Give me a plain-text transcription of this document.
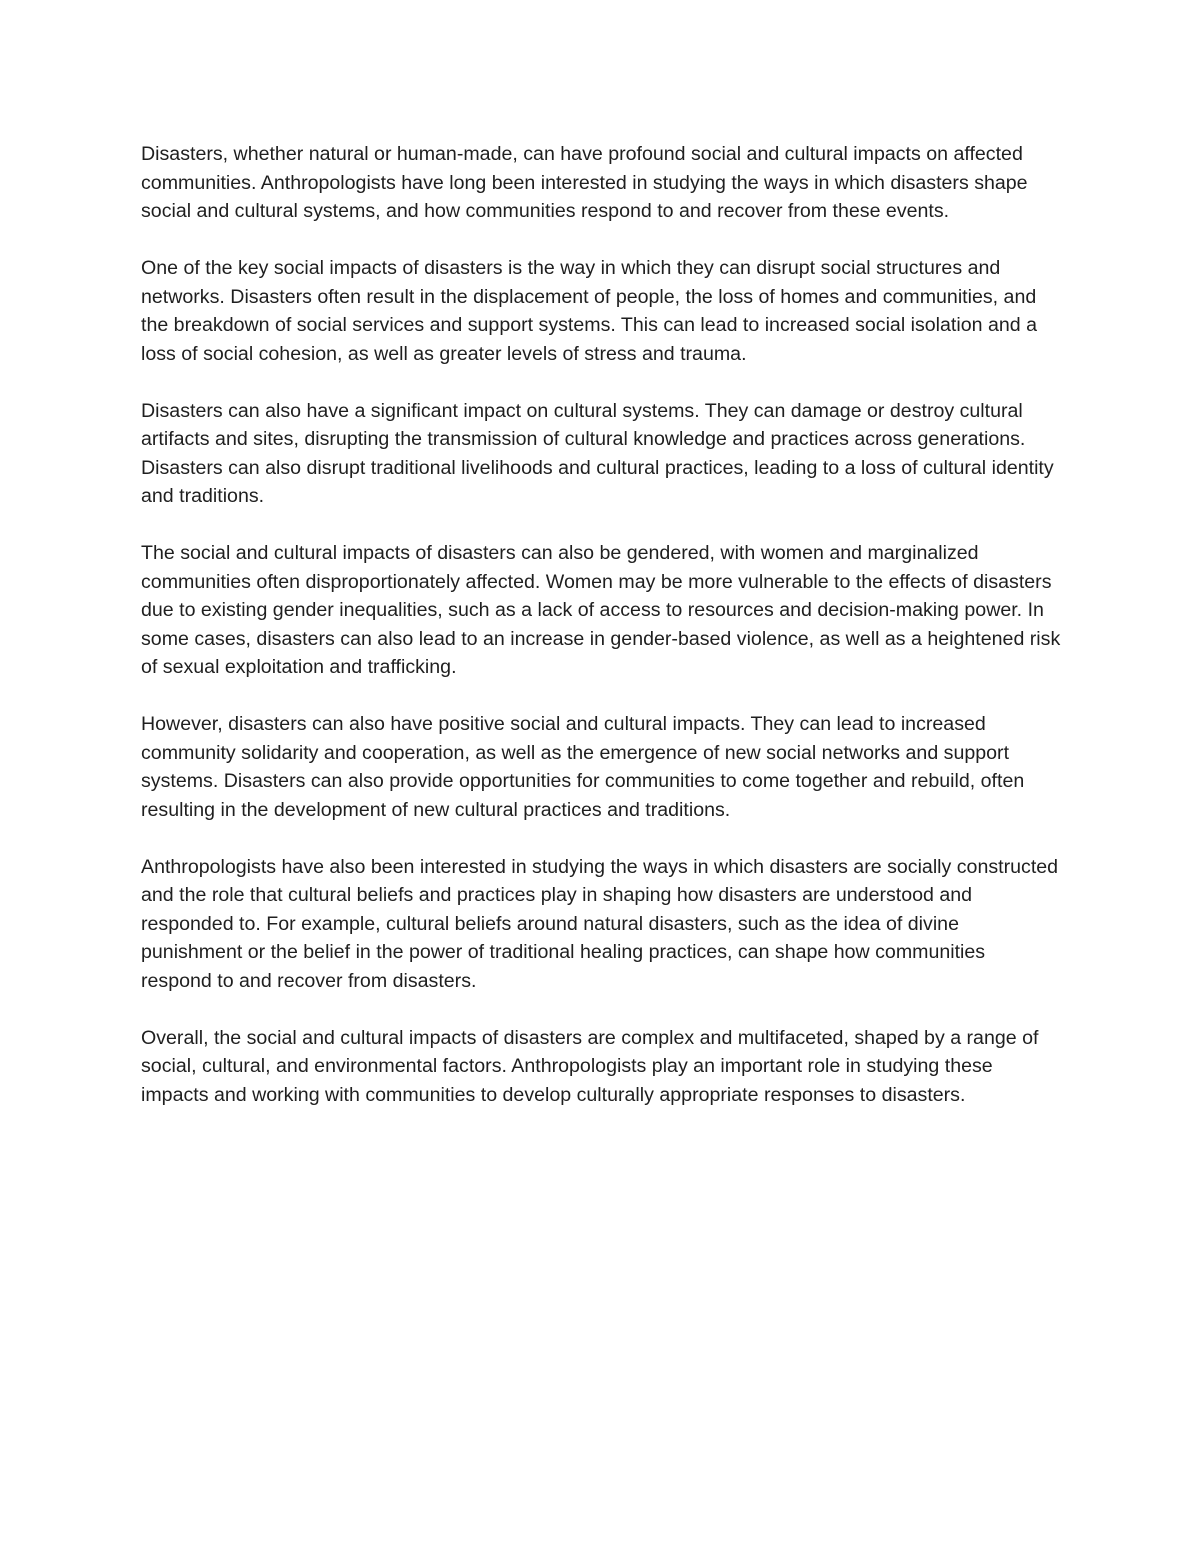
Disasters, whether natural or human-made, can have profound social and cultural impacts on affected communities. Anthropologists have long been interested in studying the ways in which disasters shape social and cultural systems, and how communities respond to and recover from these events.

One of the key social impacts of disasters is the way in which they can disrupt social structures and networks. Disasters often result in the displacement of people, the loss of homes and communities, and the breakdown of social services and support systems. This can lead to increased social isolation and a loss of social cohesion, as well as greater levels of stress and trauma.

Disasters can also have a significant impact on cultural systems. They can damage or destroy cultural artifacts and sites, disrupting the transmission of cultural knowledge and practices across generations. Disasters can also disrupt traditional livelihoods and cultural practices, leading to a loss of cultural identity and traditions.

The social and cultural impacts of disasters can also be gendered, with women and marginalized communities often disproportionately affected. Women may be more vulnerable to the effects of disasters due to existing gender inequalities, such as a lack of access to resources and decision-making power. In some cases, disasters can also lead to an increase in gender-based violence, as well as a heightened risk of sexual exploitation and trafficking.

However, disasters can also have positive social and cultural impacts. They can lead to increased community solidarity and cooperation, as well as the emergence of new social networks and support systems. Disasters can also provide opportunities for communities to come together and rebuild, often resulting in the development of new cultural practices and traditions.

Anthropologists have also been interested in studying the ways in which disasters are socially constructed and the role that cultural beliefs and practices play in shaping how disasters are understood and responded to. For example, cultural beliefs around natural disasters, such as the idea of divine punishment or the belief in the power of traditional healing practices, can shape how communities respond to and recover from disasters.

Overall, the social and cultural impacts of disasters are complex and multifaceted, shaped by a range of social, cultural, and environmental factors. Anthropologists play an important role in studying these impacts and working with communities to develop culturally appropriate responses to disasters.
